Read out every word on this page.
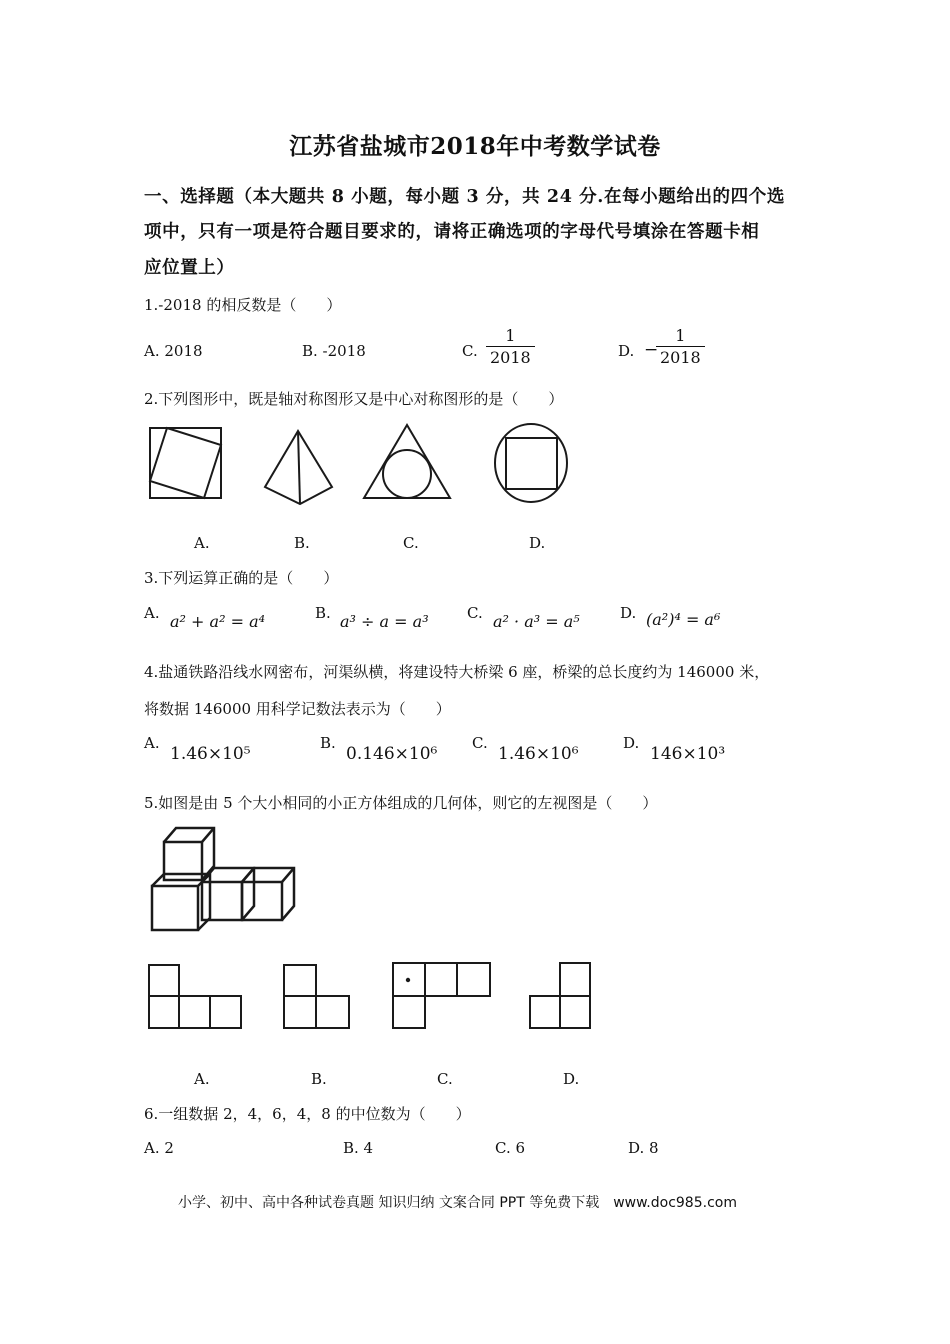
江苏省盐城市2018年中考数学试卷
一、选择题（本大题共 8 小题，每小题 3 分，共 24 分.在每小题给出的四个选
项中，只有一项是符合题目要求的，请将正确选项的字母代号填涂在答题卡相
应位置上）
1.-2018 的相反数是（　　）
A. 2018	B. -2018	C. $\frac{1}{2018}$	D. −
$\frac{1}{2018}$
2.下列图形中，既是轴对称图形又是中心对称图形的是（　　）
A.	B.	C.	D.
3.下列运算正确的是（　　）
A. a² + a² = a⁴	B. a³ ÷ a = a³	C. a² · a³ = a⁵	D. (a²)⁴ = a⁶
4.盐通铁路沿线水网密布，河渠纵横，将建设特大桥梁 6 座，桥梁的总长度约为 146000 米，
将数据 146000 用科学记数法表示为（　　）
A.
1.46×10⁵
B.
0.146×10⁶
C.
1.46×10⁶
D.
146×10³
5.如图是由 5 个大小相同的小正方体组成的几何体，则它的左视图是（　　）
A.	B.	C.	D.
6.一组数据 2，4，6，4，8 的中位数为（　　）
A. 2	B. 4	C. 6	D. 8
小学、初中、高中各种试卷真题 知识归纳 文案合同 PPT 等免费下载　www.doc985.com
